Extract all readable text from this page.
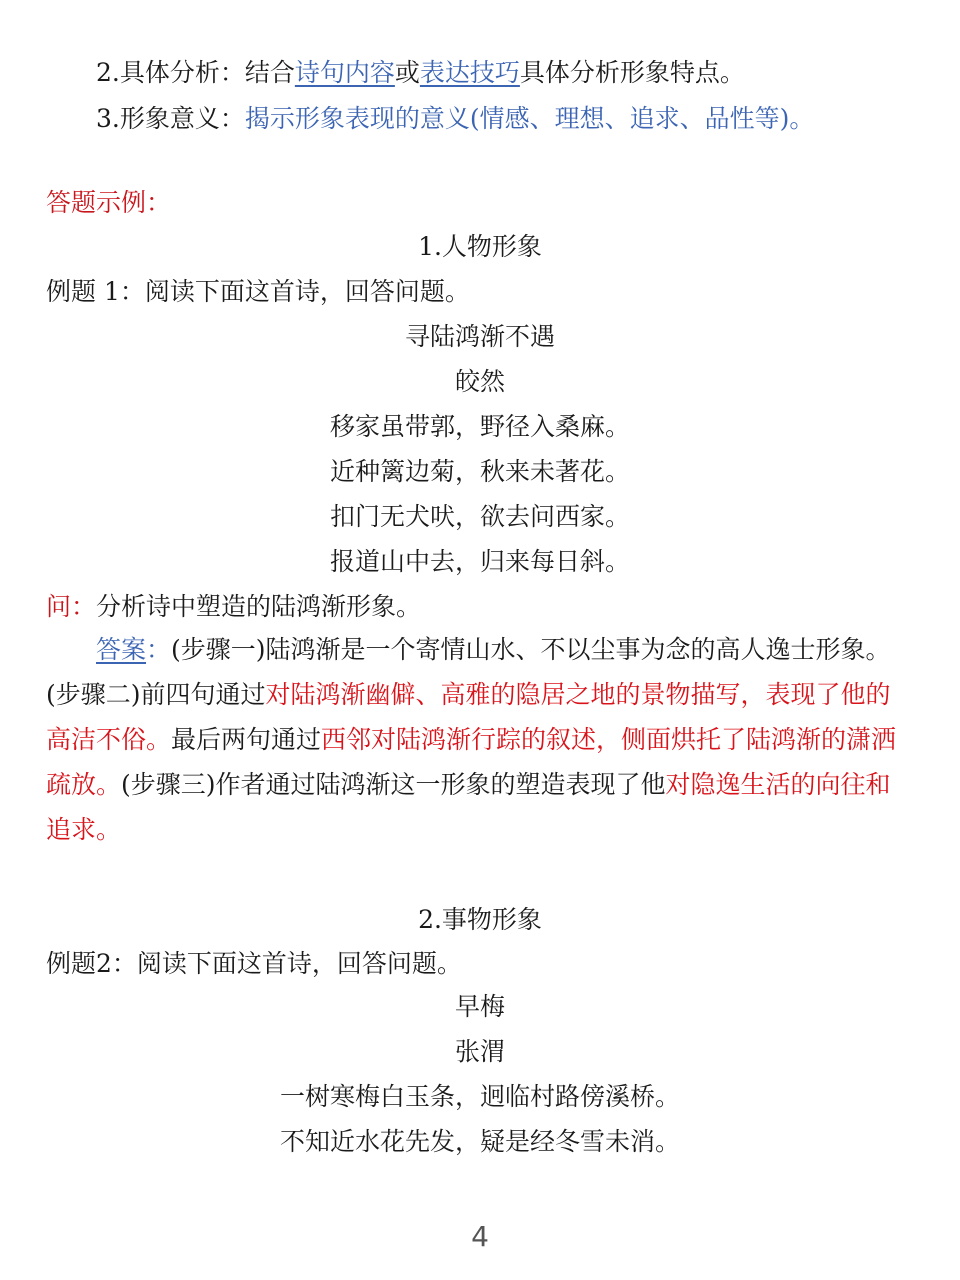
2.具体分析：结合诗句内容或表达技巧具体分析形象特点。
3.形象意义：揭示形象表现的意义(情感、理想、追求、品性等)。
答题示例：
1.人物形象
例题 1：阅读下面这首诗，回答问题。
寻陆鸿渐不遇
皎然
移家虽带郭，野径入桑麻。
近种篱边菊，秋来未著花。
扣门无犬吠，欲去问西家。
报道山中去，归来每日斜。
问：分析诗中塑造的陆鸿渐形象。
答案：(步骤一)陆鸿渐是一个寄情山水、不以尘事为念的高人逸士形象。
(步骤二)前四句通过对陆鸿渐幽僻、高雅的隐居之地的景物描写，表现了他的
高洁不俗。最后两句通过西邻对陆鸿渐行踪的叙述，侧面烘托了陆鸿渐的潇洒
疏放。(步骤三)作者通过陆鸿渐这一形象的塑造表现了他对隐逸生活的向往和
追求。
2.事物形象
例题2：阅读下面这首诗，回答问题。
早梅
张渭
一树寒梅白玉条，迥临村路傍溪桥。
不知近水花先发，疑是经冬雪未消。
4
